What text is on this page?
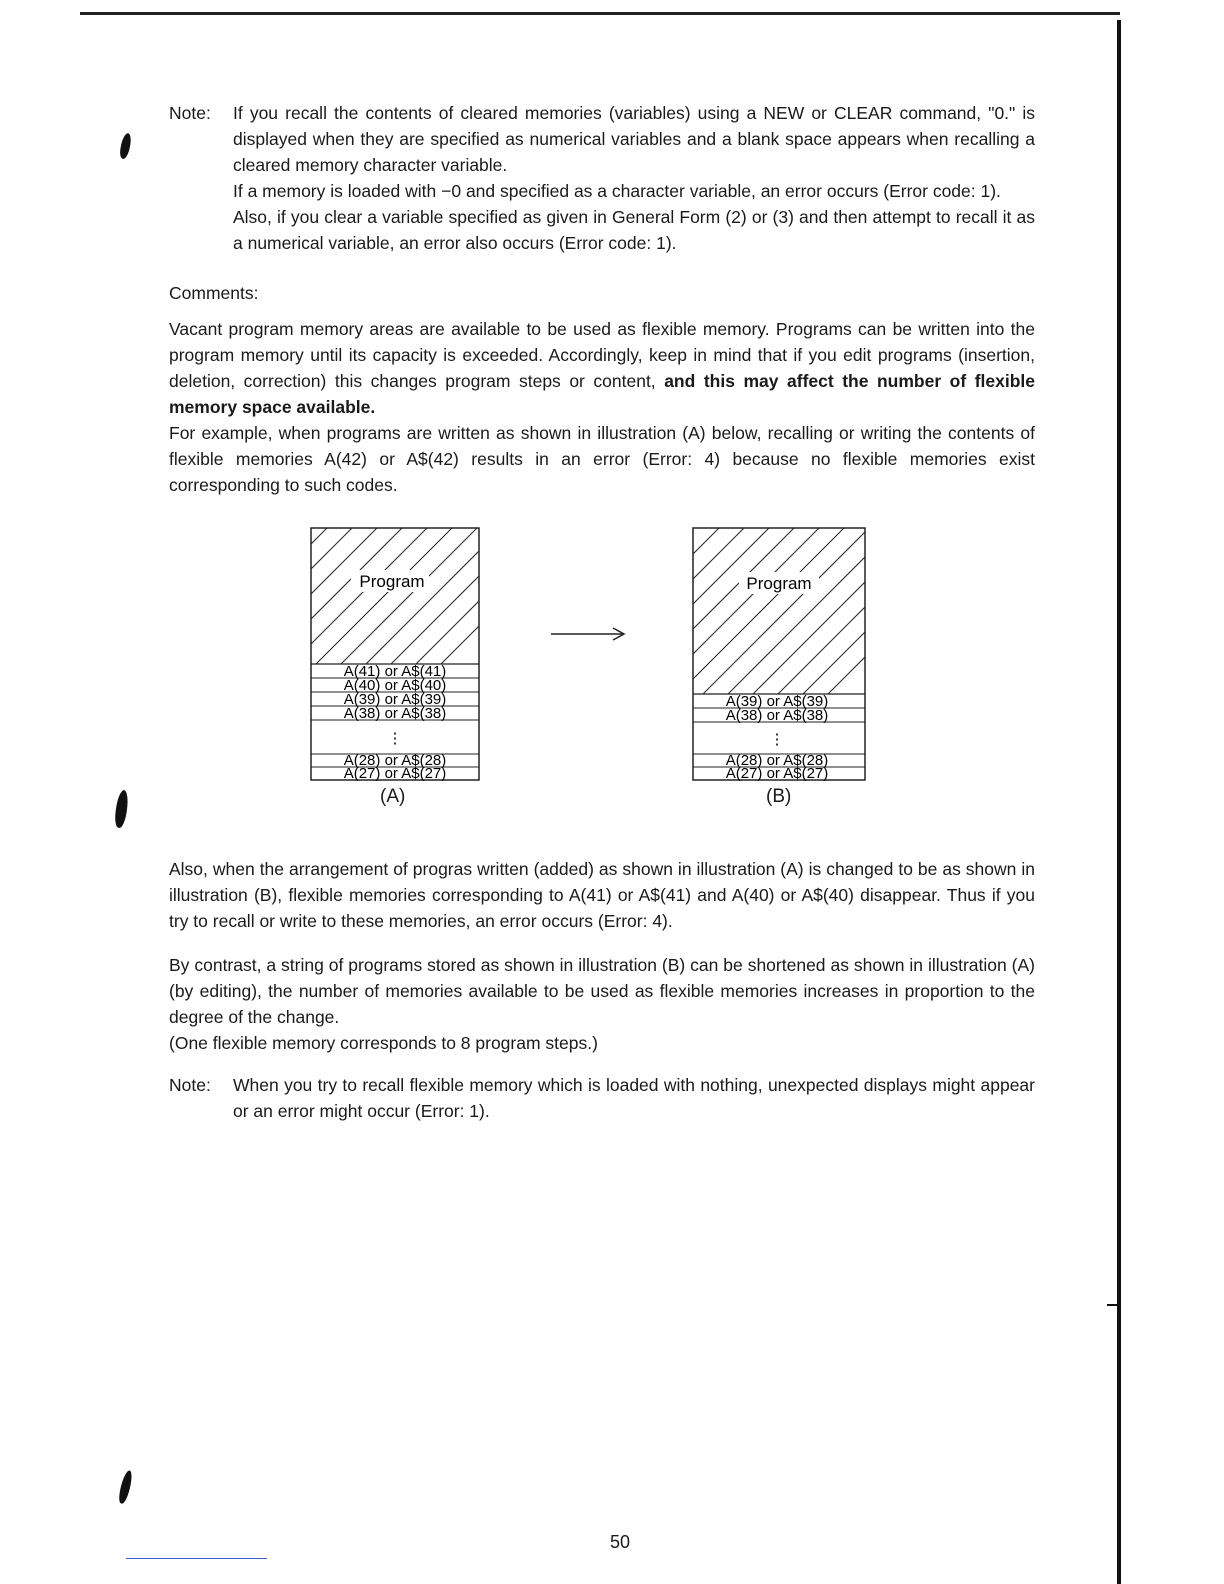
Note:	If you recall the contents of cleared memories (variables) using a NEW or CLEAR command, "0." is displayed when they are specified as numerical variables and a blank space appears when recalling a cleared memory character variable.

If a memory is loaded with −0 and specified as a character variable, an error occurs (Error code: 1).

Also, if you clear a variable specified as given in General Form (2) or (3) and then attempt to recall it as a numerical variable, an error also occurs (Error code: 1).

Comments:

Vacant program memory areas are available to be used as flexible memory. Programs can be written into the program memory until its capacity is exceeded. Accordingly, keep in mind that if you edit programs (insertion, deletion, correction) this changes program steps or content, and this may affect the number of flexible memory space available.

For example, when programs are written as shown in illustration (A) below, recalling or writing the contents of flexible memories A(42) or A$(42) results in an error (Error: 4) because no flexible memories exist corresponding to such codes.

Program
A(41) or A$(41)
A(40) or A$(40)
A(39) or A$(39)
A(38) or A$(38)
⋮
A(28) or A$(28)
A(27) or A$(27)
Program
A(39) or A$(39)
A(38) or A$(38)
⋮
A(28) or A$(28)
A(27) or A$(27)
(A)	(B)

Also, when the arrangement of progras written (added) as shown in illustration (A) is changed to be as shown in illustration (B), flexible memories corresponding to A(41) or A$(41) and A(40) or A$(40) disappear. Thus if you try to recall or write to these memories, an error occurs (Error: 4).

By contrast, a string of programs stored as shown in illustration (B) can be shortened as shown in illustration (A) (by editing), the number of memories available to be used as flexible memories increases in proportion to the degree of the change.

(One flexible memory corresponds to 8 program steps.)

Note:	When you try to recall flexible memory which is loaded with nothing, unexpected displays might appear or an error might occur (Error: 1).
50
